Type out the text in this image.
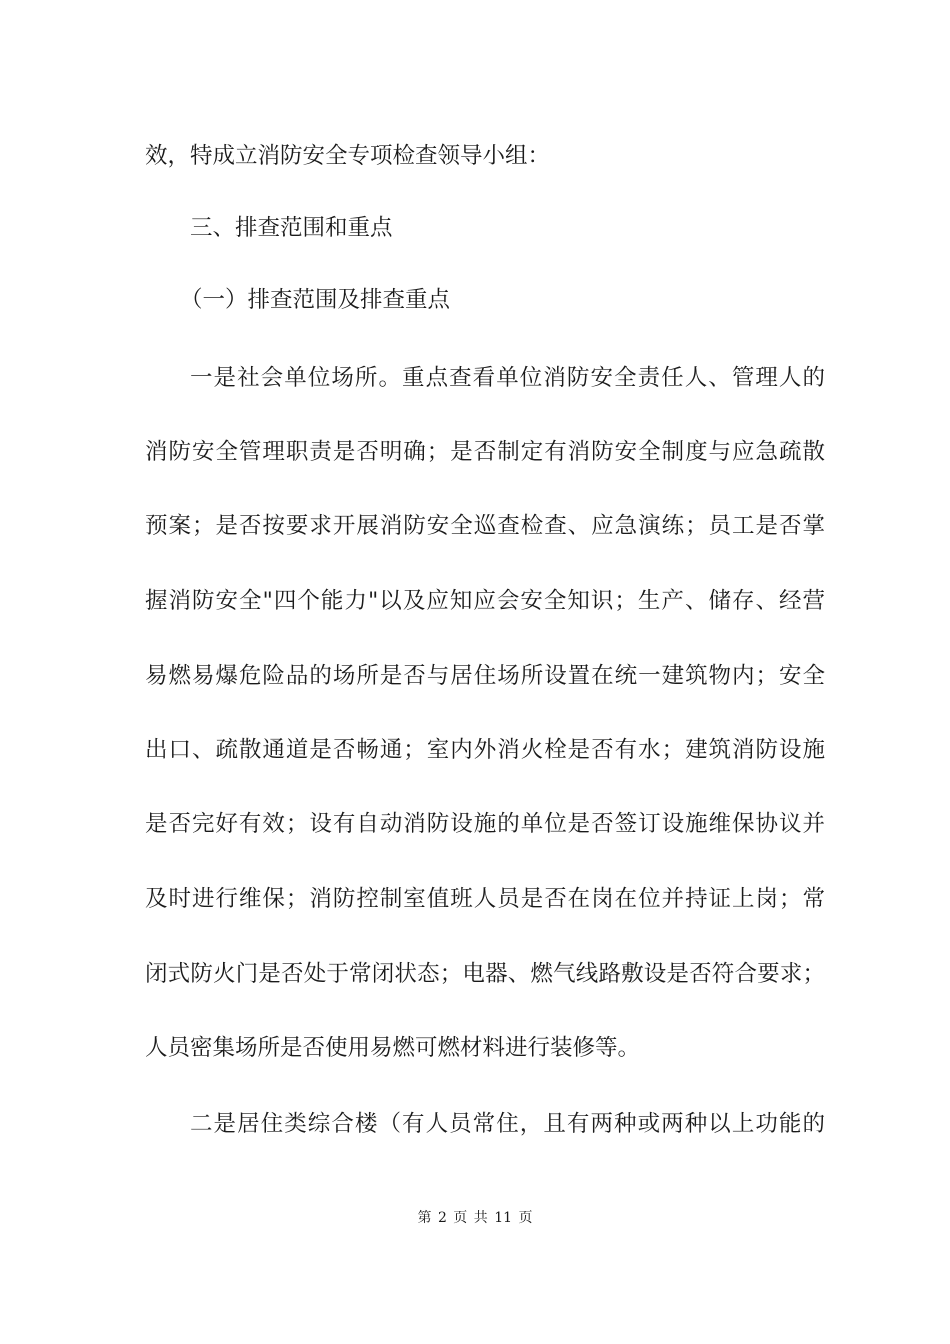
效，特成立消防安全专项检查领导小组：
三、排查范围和重点
（一）排查范围及排查重点
一是社会单位场所。重点查看单位消防安全责任人、管理人的
消防安全管理职责是否明确；是否制定有消防安全制度与应急疏散
预案；是否按要求开展消防安全巡查检查、应急演练；员工是否掌
握消防安全"四个能力"以及应知应会安全知识；生产、储存、经营
易燃易爆危险品的场所是否与居住场所设置在统一建筑物内；安全
出口、疏散通道是否畅通；室内外消火栓是否有水；建筑消防设施
是否完好有效；设有自动消防设施的单位是否签订设施维保协议并
及时进行维保；消防控制室值班人员是否在岗在位并持证上岗；常
闭式防火门是否处于常闭状态；电器、燃气线路敷设是否符合要求；
人员密集场所是否使用易燃可燃材料进行装修等。
二是居住类综合楼（有人员常住，且有两种或两种以上功能的
第 2 页 共 11 页
